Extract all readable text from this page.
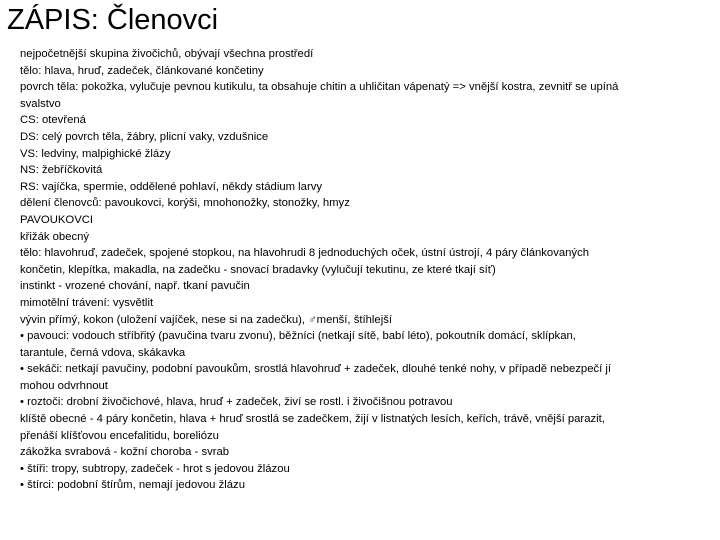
ZÁPIS: Členovci
nejpočetnější skupina živočichů, obývají všechna prostředí
tělo: hlava, hruď, zadeček, článkované končetiny
povrch těla: pokožka, vylučuje pevnou kutikulu, ta obsahuje chitin a uhličitan vápenatý => vnější kostra, zevnitř se upíná
svalstvo
CS: otevřená
DS: celý povrch těla, žábry, plicní vaky, vzdušnice
VS: ledviny, malpighické žlázy
NS: žebříčkovitá
RS: vajíčka, spermie, oddělené pohlaví, někdy stádium larvy
dělení členovců: pavoukovci, korýši, mnohonožky, stonožky, hmyz
PAVOUKOVCI
křižák obecný
tělo: hlavohruď, zadeček, spojené stopkou, na hlavohrudi 8 jednoduchých oček, ústní ústrojí, 4 páry článkovaných
končetin, klepítka, makadla, na zadečku - snovací bradavky (vylučují tekutinu, ze které tkají síť)
instinkt - vrozené chování, např. tkaní pavučin
mimotělní trávení: vysvětlit
vývin přímý, kokon (uložení vajíček, nese si na zadečku), ♂menší, štíhlejší
• pavouci: vodouch stříbřitý (pavučina tvaru zvonu), běžníci (netkají sítě, babí léto), pokoutník domácí, sklípkan,
tarantule, černá vdova, skákavka
• sekáči: netkají pavučiny, podobní pavoukům, srostlá hlavohruď + zadeček, dlouhé tenké nohy, v případě nebezpečí jí
mohou odvrhnout
• roztoči: drobní živočichové, hlava, hruď + zadeček, živí se rostl. i živočišnou potravou
klíště obecné - 4 páry končetin, hlava + hruď srostlá se zadečkem, žijí v listnatých lesích, keřích, trávě, vnější parazit,
přenáší klíšťovou encefalitidu, boreliózu
zákožka svrabová - kožní choroba - svrab
• štíři: tropy, subtropy, zadeček - hrot s jedovou žlázou
• štírci: podobní štírům, nemají jedovou žlázu
